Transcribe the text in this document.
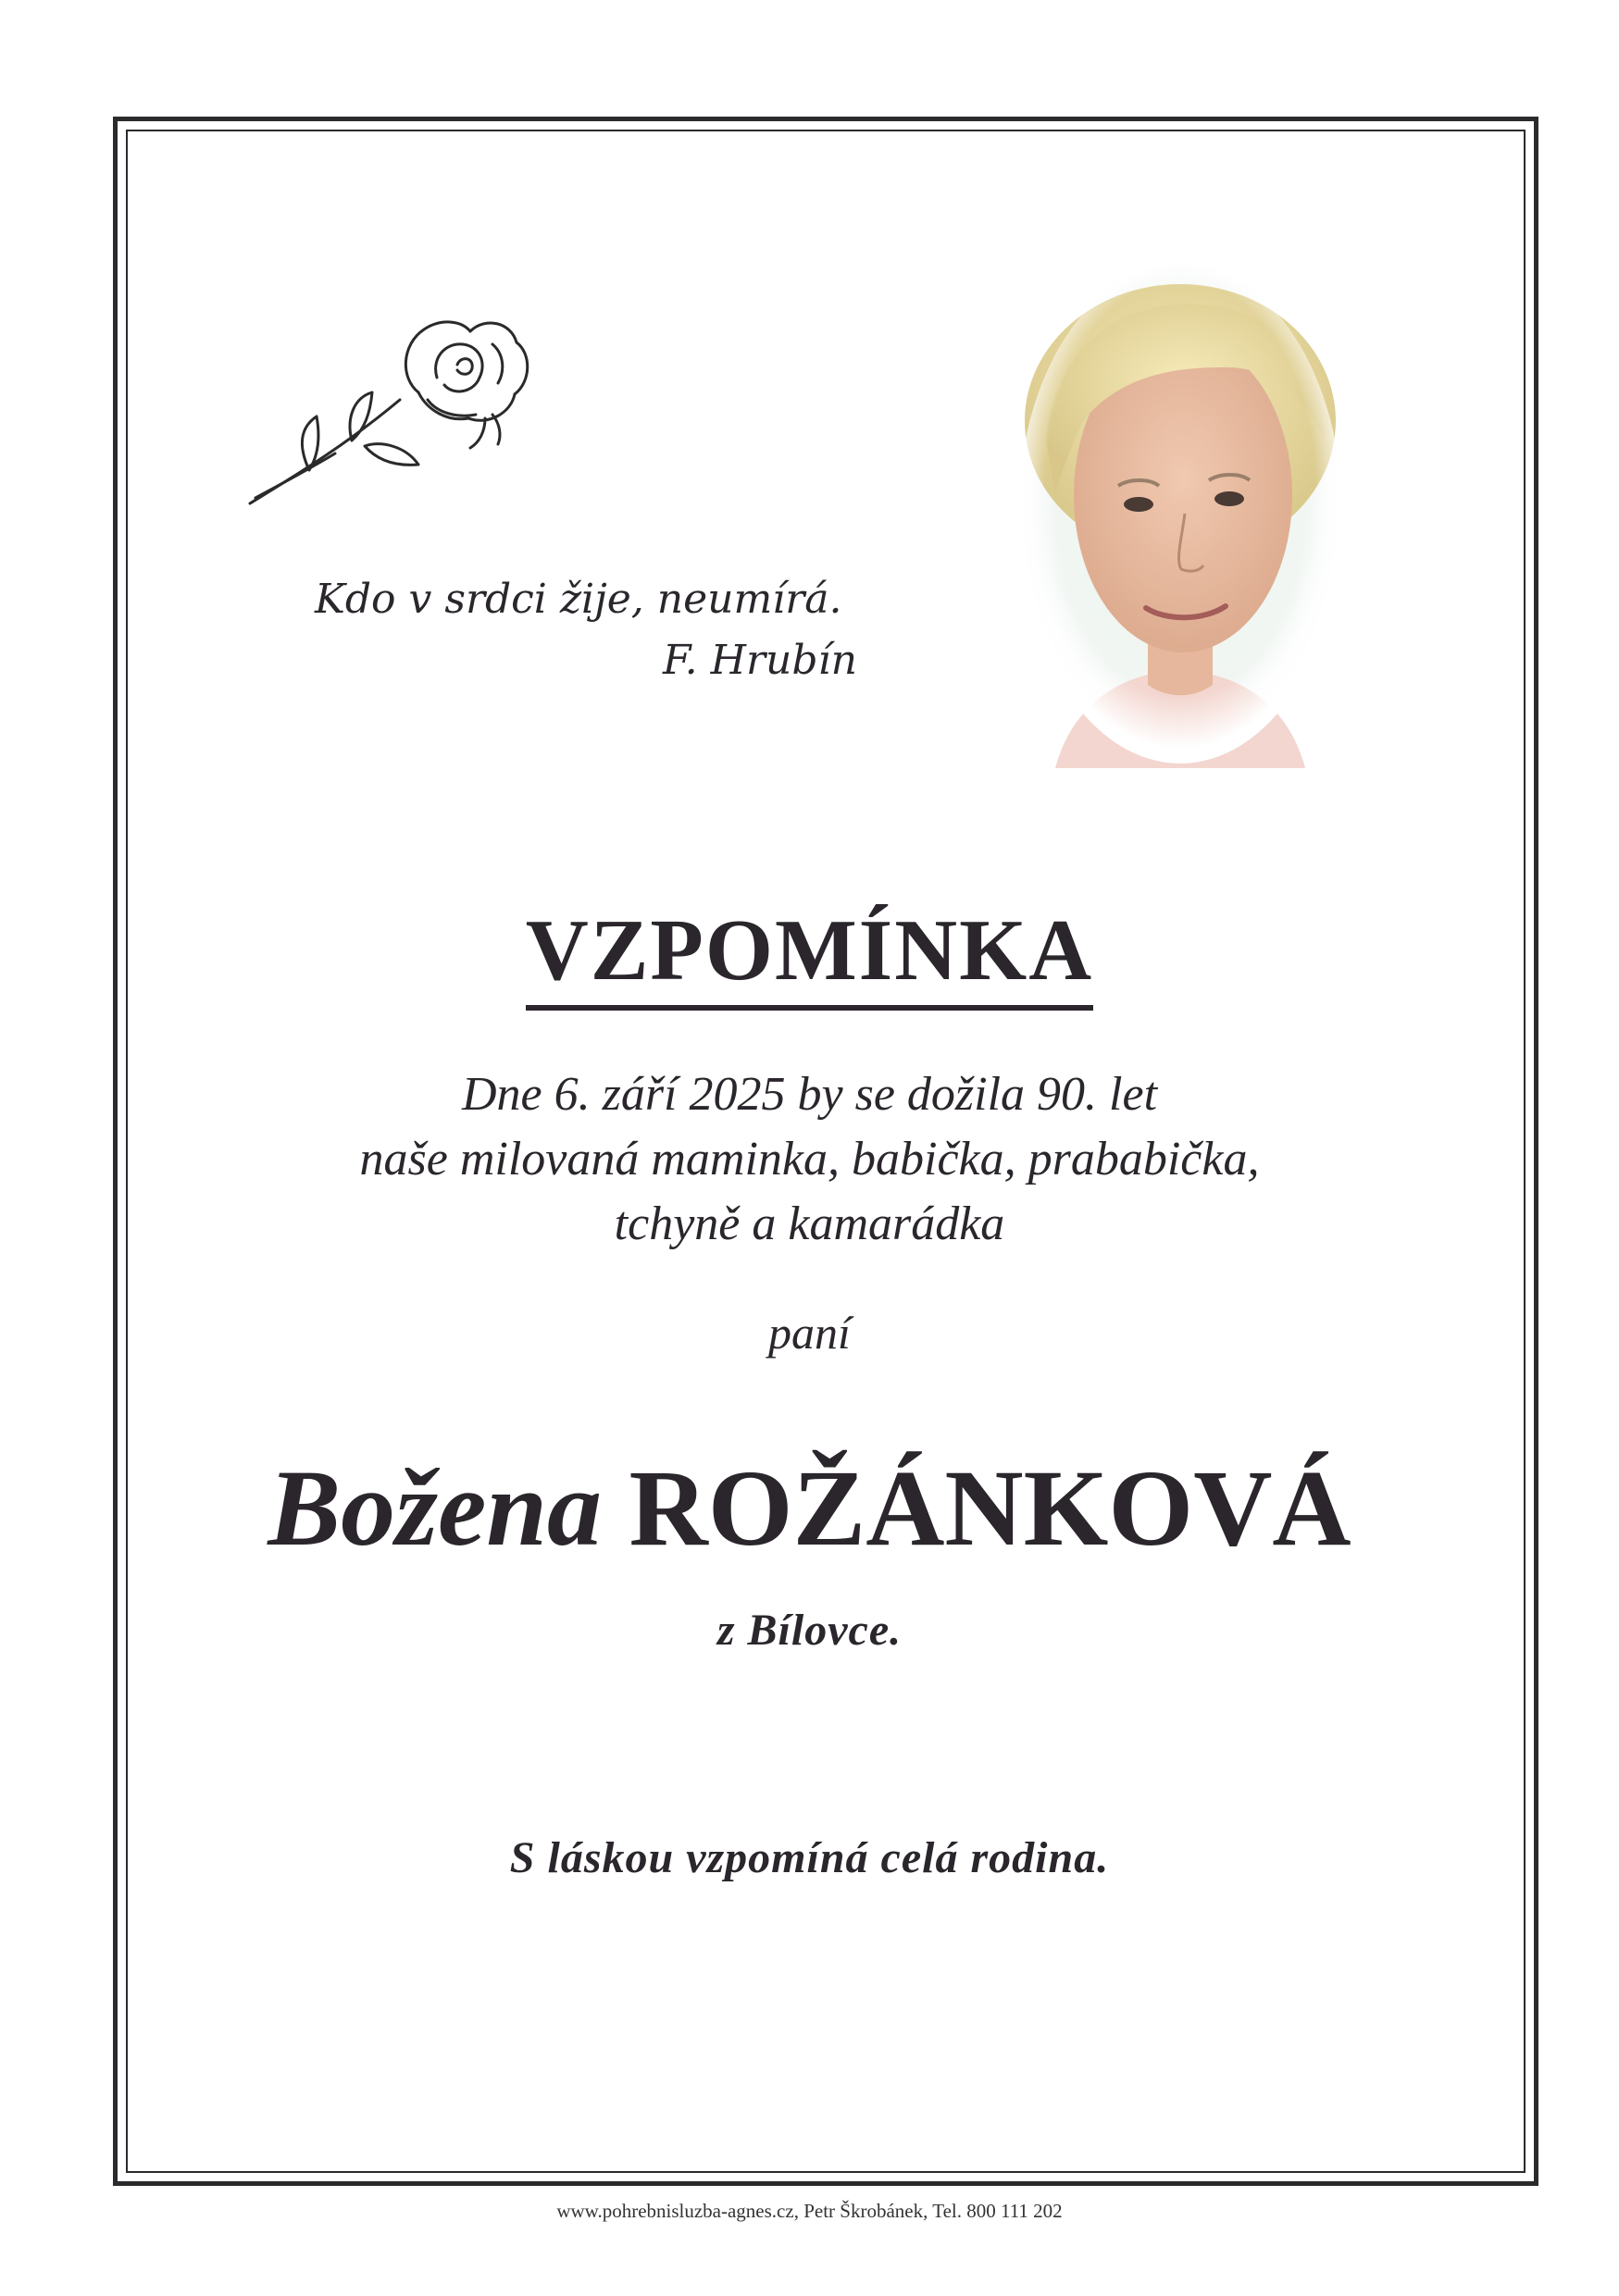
Kdo v srdci žije, neumírá.
F. Hrubín
VZPOMÍNKA
Dne 6. září 2025 by se dožila 90. let
naše milovaná maminka, babička, prababička,
tchyně a kamarádka
paní
Božena ROŽÁNKOVÁ
z Bílovce.
S láskou vzpomíná celá rodina.
www.pohrebnisluzba-agnes.cz, Petr Škrobánek, Tel. 800 111 202
